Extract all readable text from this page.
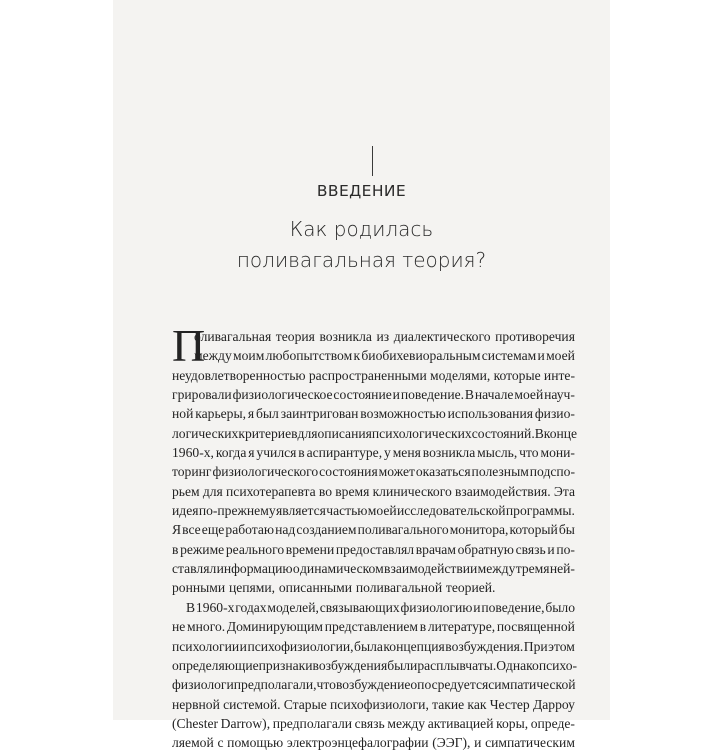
ВВЕДЕНИЕ
Как родилась
поливагальная теория?
П
оливагальная теория возникла из диалектического противоречия
между моим любопытством к биобихевиоральным системам и моей
неудовлетворенностью распространенными моделями, которые инте-
грировали физиологическое состояние и поведение. В начале моей науч-
ной карьеры, я был заинтригован возможностью использования физио-
логических критериев для описания психологических состояний. В конце
1960-х, когда я учился в аспирантуре, у меня возникла мысль, что мони-
торинг физиологического состояния может оказаться полезным подспо-
рьем для психотерапевта во время клинического взаимодействия. Эта
идея по-прежнему является частью моей исследовательской программы.
Я все еще работаю над созданием поливагального монитора, который бы
в режиме реального времени предоставлял врачам обратную связь и по-
ставлял информацию о динамическом взаимодействии между тремя ней-
ронными цепями, описанными поливагальной теорией.
В 1960-х годах моделей, связывающих физиологию и поведение, было
не много. Доминирующим представлением в литературе, посвященной
психологии и психофизиологии, была концепция возбуждения. При этом
определяющие признаки возбуждения были расплывчаты. Однако психо-
физиологи предполагали, что возбуждение опосредуется симпатической
нервной системой. Старые психофизиологи, такие как Честер Дарроу
(Chester Darrow), предполагали связь между активацией коры, опреде-
ляемой с помощью электроэнцефалографии (ЭЭГ), и симпатическим
